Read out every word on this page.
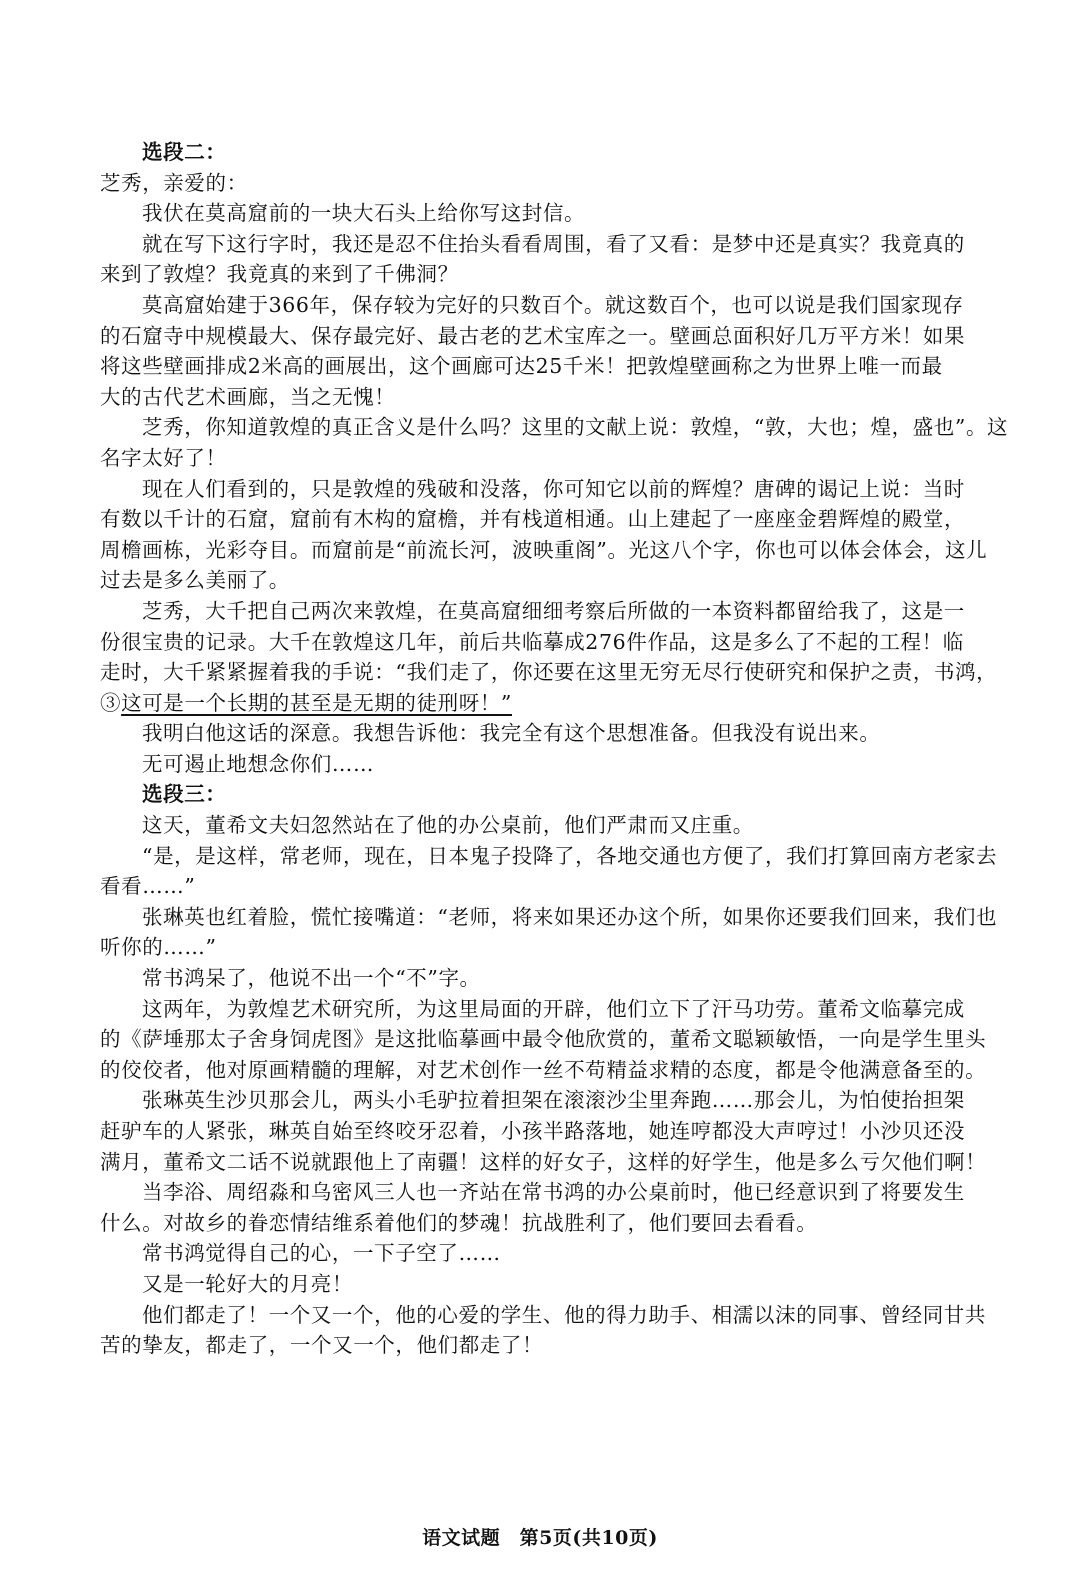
选段二：
芝秀，亲爱的：
我伏在莫高窟前的一块大石头上给你写这封信。
就在写下这行字时，我还是忍不住抬头看看周围，看了又看：是梦中还是真实？我竟真的
来到了敦煌？我竟真的来到了千佛洞？
莫高窟始建于366年，保存较为完好的只数百个。就这数百个，也可以说是我们国家现存
的石窟寺中规模最大、保存最完好、最古老的艺术宝库之一。壁画总面积好几万平方米！如果
将这些壁画排成2米高的画展出，这个画廊可达25千米！把敦煌壁画称之为世界上唯一而最
大的古代艺术画廊，当之无愧！
芝秀，你知道敦煌的真正含义是什么吗？这里的文献上说：敦煌，“敦，大也；煌，盛也”。这
名字太好了！
现在人们看到的，只是敦煌的残破和没落，你可知它以前的辉煌？唐碑的谒记上说：当时
有数以千计的石窟，窟前有木构的窟檐，并有栈道相通。山上建起了一座座金碧辉煌的殿堂，
周檐画栋，光彩夺目。而窟前是“前流长河，波映重阁”。光这八个字，你也可以体会体会，这儿
过去是多么美丽了。
芝秀，大千把自己两次来敦煌，在莫高窟细细考察后所做的一本资料都留给我了，这是一
份很宝贵的记录。大千在敦煌这几年，前后共临摹成276件作品，这是多么了不起的工程！临
走时，大千紧紧握着我的手说：“我们走了，你还要在这里无穷无尽行使研究和保护之责，书鸿，
③这可是一个长期的甚至是无期的徒刑呀！”
我明白他这话的深意。我想告诉他：我完全有这个思想准备。但我没有说出来。
无可遏止地想念你们……
选段三：
这天，董希文夫妇忽然站在了他的办公桌前，他们严肃而又庄重。
“是，是这样，常老师，现在，日本鬼子投降了，各地交通也方便了，我们打算回南方老家去
看看……”
张琳英也红着脸，慌忙接嘴道：“老师，将来如果还办这个所，如果你还要我们回来，我们也
听你的……”
常书鸿呆了，他说不出一个“不”字。
这两年，为敦煌艺术研究所，为这里局面的开辟，他们立下了汗马功劳。董希文临摹完成
的《萨埵那太子舍身饲虎图》是这批临摹画中最令他欣赏的，董希文聪颖敏悟，一向是学生里头
的佼佼者，他对原画精髓的理解，对艺术创作一丝不苟精益求精的态度，都是令他满意备至的。
张琳英生沙贝那会儿，两头小毛驴拉着担架在滚滚沙尘里奔跑……那会儿，为怕使抬担架
赶驴车的人紧张，琳英自始至终咬牙忍着，小孩半路落地，她连哼都没大声哼过！小沙贝还没
满月，董希文二话不说就跟他上了南疆！这样的好女子，这样的好学生，他是多么亏欠他们啊！
当李浴、周绍淼和乌密风三人也一齐站在常书鸿的办公桌前时，他已经意识到了将要发生
什么。对故乡的眷恋情结维系着他们的梦魂！抗战胜利了，他们要回去看看。
常书鸿觉得自己的心，一下子空了……
又是一轮好大的月亮！
他们都走了！一个又一个，他的心爱的学生、他的得力助手、相濡以沫的同事、曾经同甘共
苦的挚友，都走了，一个又一个，他们都走了！
语文试题　第5页(共10页)
